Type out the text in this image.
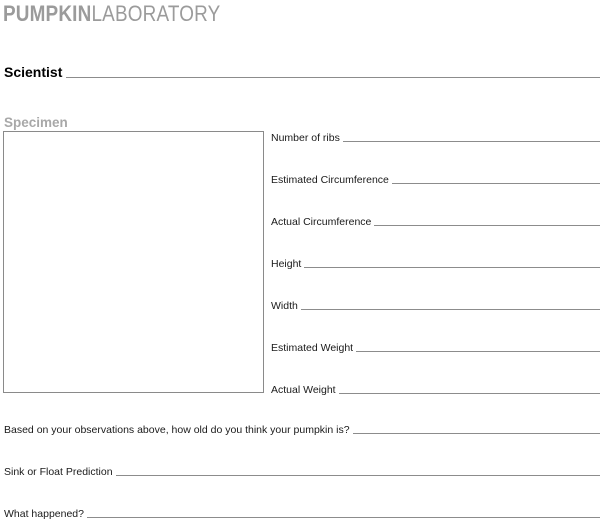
PUMPKINLABORATORY
Scientist
Specimen
Number of ribs
Estimated Circumference
Actual Circumference
Height
Width
Estimated Weight
Actual Weight
Based on your observations above, how old do you think your pumpkin is?
Sink or Float Prediction
What happened?
